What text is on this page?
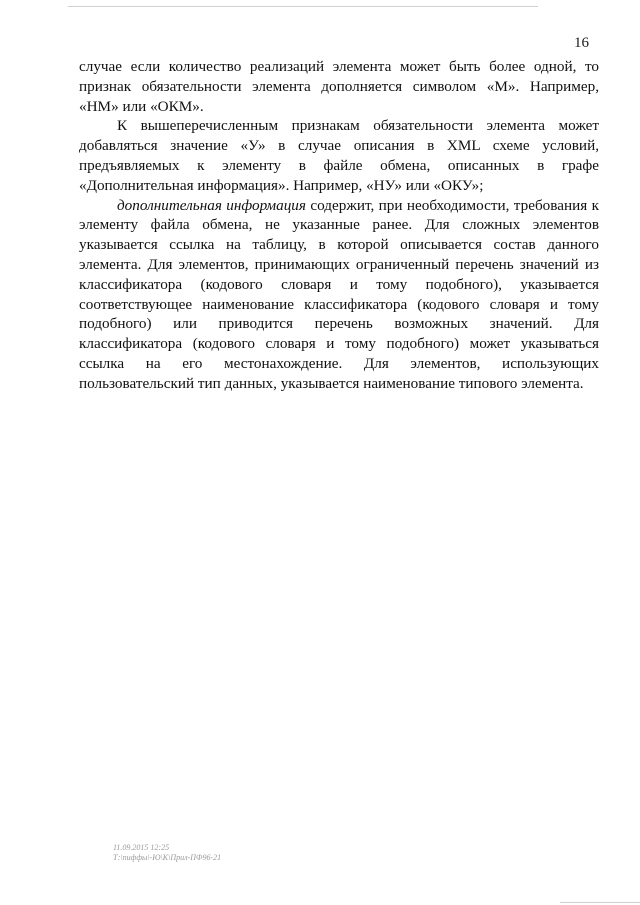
16

случае если количество реализаций элемента может быть более одной, то признак обязательности элемента дополняется символом «М». Например, «НМ» или «ОКМ».

К вышеперечисленным признакам обязательности элемента может добавляться значение «У» в случае описания в XML схеме условий, предъявляемых к элементу в файле обмена, описанных в графе «Дополнительная информация». Например, «НУ» или «ОКУ»;

дополнительная информация содержит, при необходимости, требования к элементу файла обмена, не указанные ранее. Для сложных элементов указывается ссылка на таблицу, в которой описывается состав данного элемента. Для элементов, принимающих ограниченный перечень значений из классификатора (кодового словаря и тому подобного), указывается соответствующее наименование классификатора (кодового словаря и тому подобного) или приводится перечень возможных значений. Для классификатора (кодового словаря и тому подобного) может указываться ссылка на его местонахождение. Для элементов, использующих пользовательский тип данных, указывается наименование типового элемента.

11.09.2015 12:25
Т:\пиффы\-Ю\К\Прил-ПФ96-21
